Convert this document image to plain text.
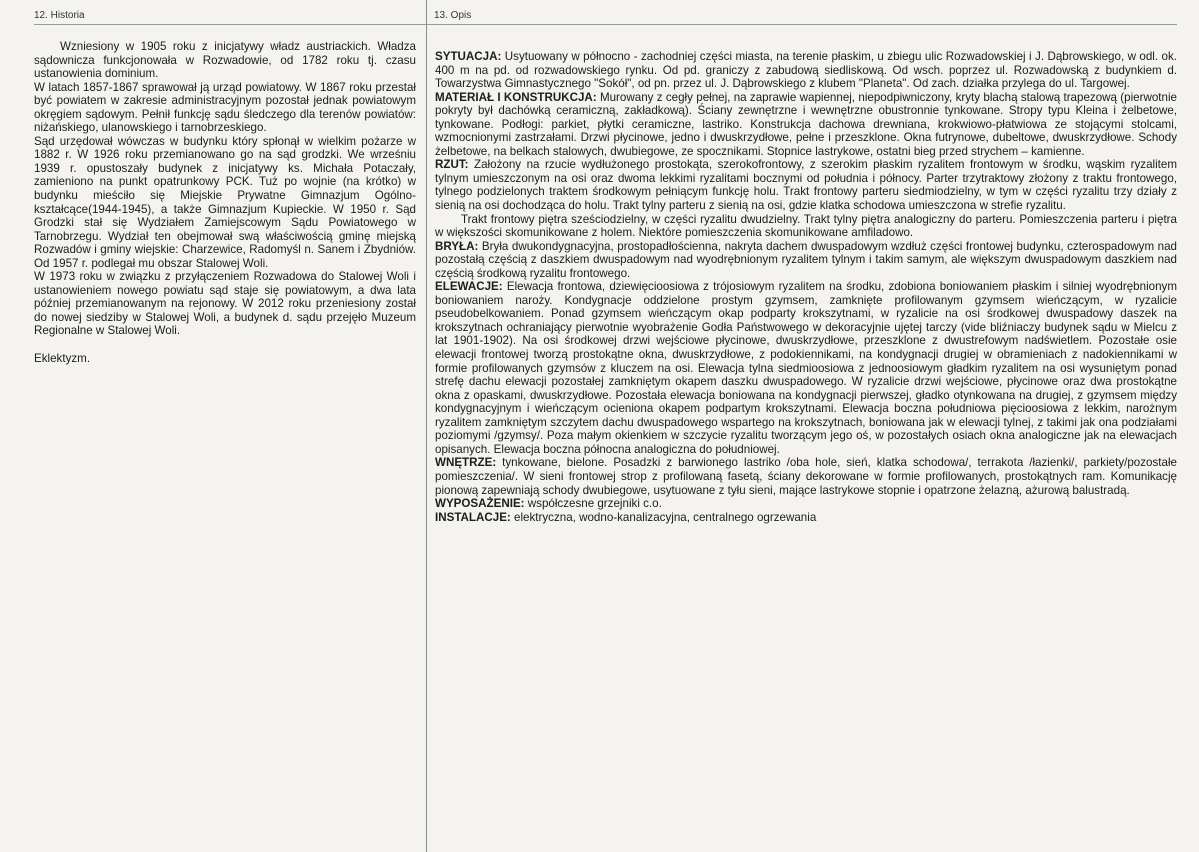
12. Historia	13. Opis

Wzniesiony w 1905 roku z inicjatywy władz austriackich. Władza sądownicza funkcjonowała w Rozwadowie, od 1782 roku tj. czasu ustanowienia dominium.

W latach 1857-1867 sprawował ją urząd powiatowy. W 1867 roku przestał być powiatem w zakresie administracyjnym pozostał jednak powiatowym okręgiem sądowym. Pełnił funkcję sądu śledczego dla terenów powiatów: niżańskiego, ulanowskiego i tarnobrzeskiego.

Sąd urzędował wówczas w budynku który spłonął w wielkim pożarze w 1882 r. W 1926 roku przemianowano go na sąd grodzki. We wrześniu 1939 r. opustoszały budynek z inicjatywy ks. Michała Potaczały, zamieniono na punkt opatrunkowy PCK. Tuż po wojnie (na krótko) w budynku mieściło się Miejskie Prywatne Gimnazjum Ogólno-kształcące(1944-1945), a także Gimnazjum Kupieckie. W 1950 r. Sąd Grodzki stał się Wydziałem Zamiejscowym Sądu Powiatowego w Tarnobrzegu. Wydział ten obejmował swą właściwością gminę miejską Rozwadów i gminy wiejskie: Charzewice, Radomyśl n. Sanem i Zbydniów. Od 1957 r. podlegał mu obszar Stalowej Woli.

W 1973 roku w związku z przyłączeniem Rozwadowa do Stalowej Woli i ustanowieniem nowego powiatu sąd staje się powiatowym, a dwa lata później przemianowanym na rejonowy. W 2012 roku przeniesiony został do nowej siedziby w Stalowej Woli, a budynek d. sądu przejęło Muzeum Regionalne w Stalowej Woli.

Eklektyzm.

SYTUACJA: Usytuowany w północno - zachodniej części miasta, na terenie płaskim, u zbiegu ulic Rozwadowskiej i J. Dąbrowskiego, w odl. ok. 400 m na pd. od rozwadowskiego rynku. Od pd. graniczy z zabudową siedliskową. Od wsch. poprzez ul. Rozwadowską z budynkiem d. Towarzystwa Gimnastycznego "Sokół", od pn. przez ul. J. Dąbrowskiego z klubem "Planeta". Od zach. działka przylega do ul. Targowej.

MATERIAŁ I KONSTRUKCJA: Murowany z cegły pełnej, na zaprawie wapiennej, niepodpiwniczony, kryty blachą stalową trapezową (pierwotnie pokryty był dachówką ceramiczną, zakładkową). Ściany zewnętrzne i wewnętrzne obustronnie tynkowane. Stropy typu Kleina i żelbetowe, tynkowane. Podłogi: parkiet, płytki ceramiczne, lastriko. Konstrukcja dachowa drewniana, krokwiowo-płatwiowa ze stojącymi stolcami, wzmocnionymi zastrzałami. Drzwi płycinowe, jedno i dwuskrzydłowe, pełne i przeszklone. Okna futrynowe, dubeltowe, dwuskrzydłowe. Schody żelbetowe, na belkach stalowych, dwubiegowe, ze spocznikami. Stopnice lastrykowe, ostatni bieg przed strychem – kamienne.

RZUT: Założony na rzucie wydłużonego prostokąta, szerokofrontowy, z szerokim płaskim ryzalitem frontowym w środku, wąskim ryzalitem tylnym umieszczonym na osi oraz dwoma lekkimi ryzalitami bocznymi od południa i północy. Parter trzytraktowy złożony z traktu frontowego, tylnego podzielonych traktem środkowym pełniącym funkcję holu. Trakt frontowy parteru siedmiodzielny, w tym w części ryzalitu trzy działy z sienią na osi dochodząca do holu. Trakt tylny parteru z sienią na osi, gdzie klatka schodowa umieszczona w strefie ryzalitu.

Trakt frontowy piętra sześciodzielny, w części ryzalitu dwudzielny. Trakt tylny piętra analogiczny do parteru. Pomieszczenia parteru i piętra w większości skomunikowane z holem. Niektóre pomieszczenia skomunikowane amfiladowo.

BRYŁA: Bryła dwukondygnacyjna, prostopadłościenna, nakryta dachem dwuspadowym wzdłuż części frontowej budynku, czterospadowym nad pozostałą częścią z daszkiem dwuspadowym nad wyodrębnionym ryzalitem tylnym i takim samym, ale większym dwuspadowym daszkiem nad częścią środkową ryzalitu frontowego.

ELEWACJE: Elewacja frontowa, dziewięcioosiowa z trójosiowym ryzalitem na środku, zdobiona boniowaniem płaskim i silniej wyodrębnionym boniowaniem naroży. Kondygnacje oddzielone prostym gzymsem, zamknięte profilowanym gzymsem wieńczącym, w ryzalicie pseudobelkowaniem. Ponad gzymsem wieńczącym okap podparty krokszytnami, w ryzalicie na osi środkowej dwuspadowy daszek na krokszytnach ochraniający pierwotnie wyobrażenie Godła Państwowego w dekoracyjnie ujętej tarczy (vide bliźniaczy budynek sądu w Mielcu z lat 1901-1902). Na osi środkowej drzwi wejściowe płycinowe, dwuskrzydłowe, przeszklone z dwustrefowym nadświetlem. Pozostałe osie elewacji frontowej tworzą prostokątne okna, dwuskrzydłowe, z podokiennikami, na kondygnacji drugiej w obramieniach z nadokiennikami w formie profilowanych gzymsów z kluczem na osi. Elewacja tylna siedmioosiowa z jednoosiowym gładkim ryzalitem na osi wysuniętym ponad strefę dachu elewacji pozostałej zamkniętym okapem daszku dwuspadowego. W ryzalicie drzwi wejściowe, płycinowe oraz dwa prostokątne okna z opaskami, dwuskrzydłowe. Pozostała elewacja boniowana na kondygnacji pierwszej, gładko otynkowana na drugiej, z gzymsem między kondygnacyjnym i wieńczącym ocieniona okapem podpartym krokszytnami. Elewacja boczna południowa pięcioosiowa z lekkim, narożnym ryzalitem zamkniętym szczytem dachu dwuspadowego wspartego na krokszytnach, boniowana jak w elewacji tylnej, z takimi jak ona podziałami poziomymi /gzymsy/. Poza małym okienkiem w szczycie ryzalitu tworzącym jego oś, w pozostałych osiach okna analogiczne jak na elewacjach opisanych. Elewacja boczna północna analogiczna do południowej.

WNĘTRZE: tynkowane, bielone. Posadzki z barwionego lastriko /oba hole, sień, klatka schodowa/, terrakota /łazienki/, parkiety/pozostałe pomieszczenia/. W sieni frontowej strop z profilowaną fasetą, ściany dekorowane w formie profilowanych, prostokątnych ram. Komunikację pionową zapewniają schody dwubiegowe, usytuowane z tyłu sieni, mające lastrykowe stopnie i opatrzone żelazną, ażurową balustradą.

WYPOSAŻENIE: współczesne grzejniki c.o.

INSTALACJE: elektryczna, wodno-kanalizacyjna, centralnego ogrzewania
